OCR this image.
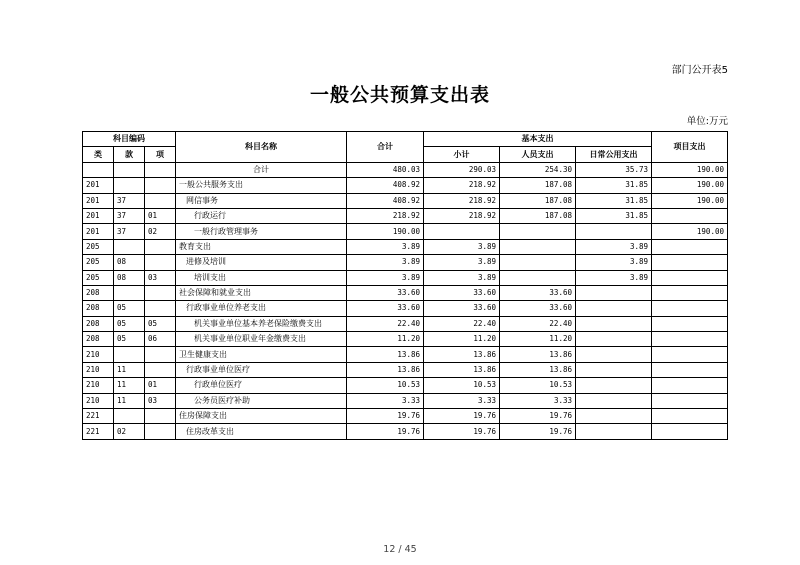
部门公开表5
一般公共预算支出表
单位:万元
科目编码			科目名称	合计	基本支出			项目支出
类	款	项			小计	人员支出	日常公用支出	
			合计	480.03	290.03	254.30	35.73	190.00
201			一般公共服务支出	408.92	218.92	187.08	31.85	190.00
201	37		网信事务	408.92	218.92	187.08	31.85	190.00
201	37	01	行政运行	218.92	218.92	187.08	31.85	
201	37	02	一般行政管理事务	190.00				190.00
205			教育支出	3.89	3.89		3.89	
205	08		进修及培训	3.89	3.89		3.89	
205	08	03	培训支出	3.89	3.89		3.89	
208			社会保障和就业支出	33.60	33.60	33.60		
208	05		行政事业单位养老支出	33.60	33.60	33.60		
208	05	05	机关事业单位基本养老保险缴费支出	22.40	22.40	22.40		
208	05	06	机关事业单位职业年金缴费支出	11.20	11.20	11.20		
210			卫生健康支出	13.86	13.86	13.86		
210	11		行政事业单位医疗	13.86	13.86	13.86		
210	11	01	行政单位医疗	10.53	10.53	10.53		
210	11	03	公务员医疗补助	3.33	3.33	3.33		
221			住房保障支出	19.76	19.76	19.76		
221	02		住房改革支出	19.76	19.76	19.76		
12 / 45
